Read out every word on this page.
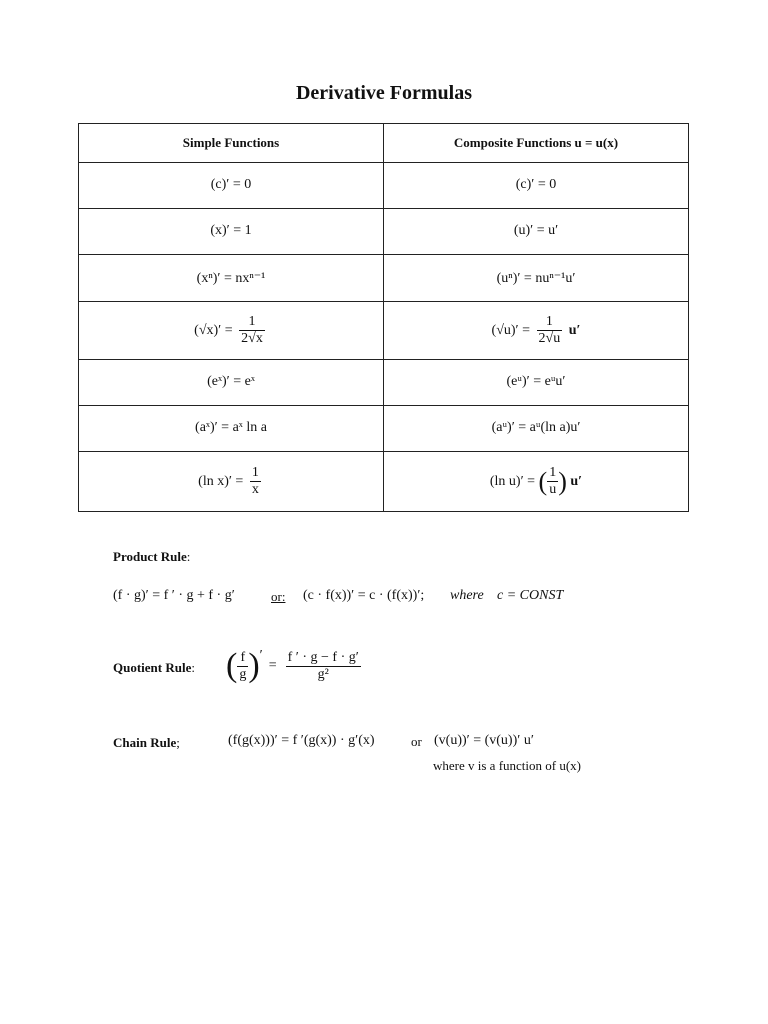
Derivative Formulas
Simple Functions	Composite Functions u = u(x)
(c)′ = 0	(c)′ = 0
(x)′ = 1	(u)′ = u′
(xⁿ)′ = nxⁿ⁻¹	(uⁿ)′ = nuⁿ⁻¹u′
$(√x)' = \frac{1}{2√x}$	$(√u)' = \frac{1}{2√u} u'$
(eˣ)′ = eˣ	(eᵘ)′ = eᵘu′
(aˣ)′ = aˣ ln a	(aᵘ)′ = aᵘ(ln a)u′
(ln $x)' = \frac{1}{x}$	(ln u)′ = ( $\frac{1}{u}$ ) u′
Product Rule:
(f · g)′ = f ′ · g + f · g′	or: (c · f(x))′ = c · (f(x))′; where c = CONST
Quotient Rule: ( $\frac{f}{g}$ ) ′
= $\frac{f ' \cdot g - f \cdot g'}{\text{g²}}$
Chain Rule;	(f(g(x)))′ = f ′(g(x)) · g′(x)	or (v(u))′ = (v(u))′ u′
where v is a function of u(x)
